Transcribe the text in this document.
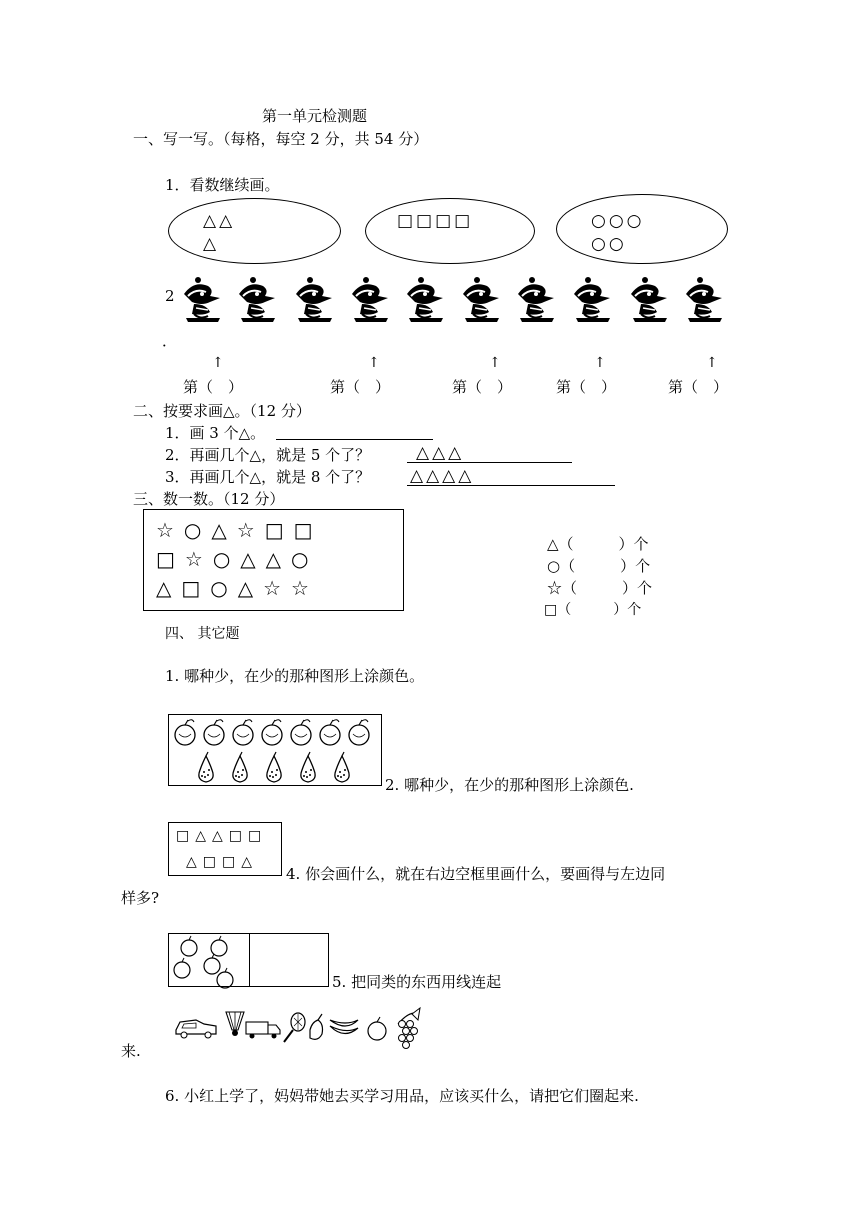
第一单元检测题
一、写一写。（每格，每空 2 分，共 54 分）
1．看数继续画。
△△
△
□□□□	○○○
○○
2
．
↑	↑	↑	↑	↑
第（　）	第（　）	第（　）	第（　）	第（　）
二、按要求画△。（12 分）
1．画 3 个△。
2．再画几个△，就是 5 个了？	△△△
3．再画几个△，就是 8 个了？ △△△△
三、数一数。（12 分）
☆○△☆□□
□☆○△△○
△□○△☆☆
△（　　　）个
○（　　　）个
☆（　　　）个
□（　　　）个
四、 其它题
1. 哪种少，在少的那种图形上涂颜色。
2. 哪种少，在少的那种图形上涂颜色.
□△△□□
△□□△
4. 你会画什么，就在右边空框里画什么，要画得与左边同
样多?
5. 把同类的东西用线连起
来.
6. 小红上学了，妈妈带她去买学习用品，应该买什么，请把它们圈起来.
